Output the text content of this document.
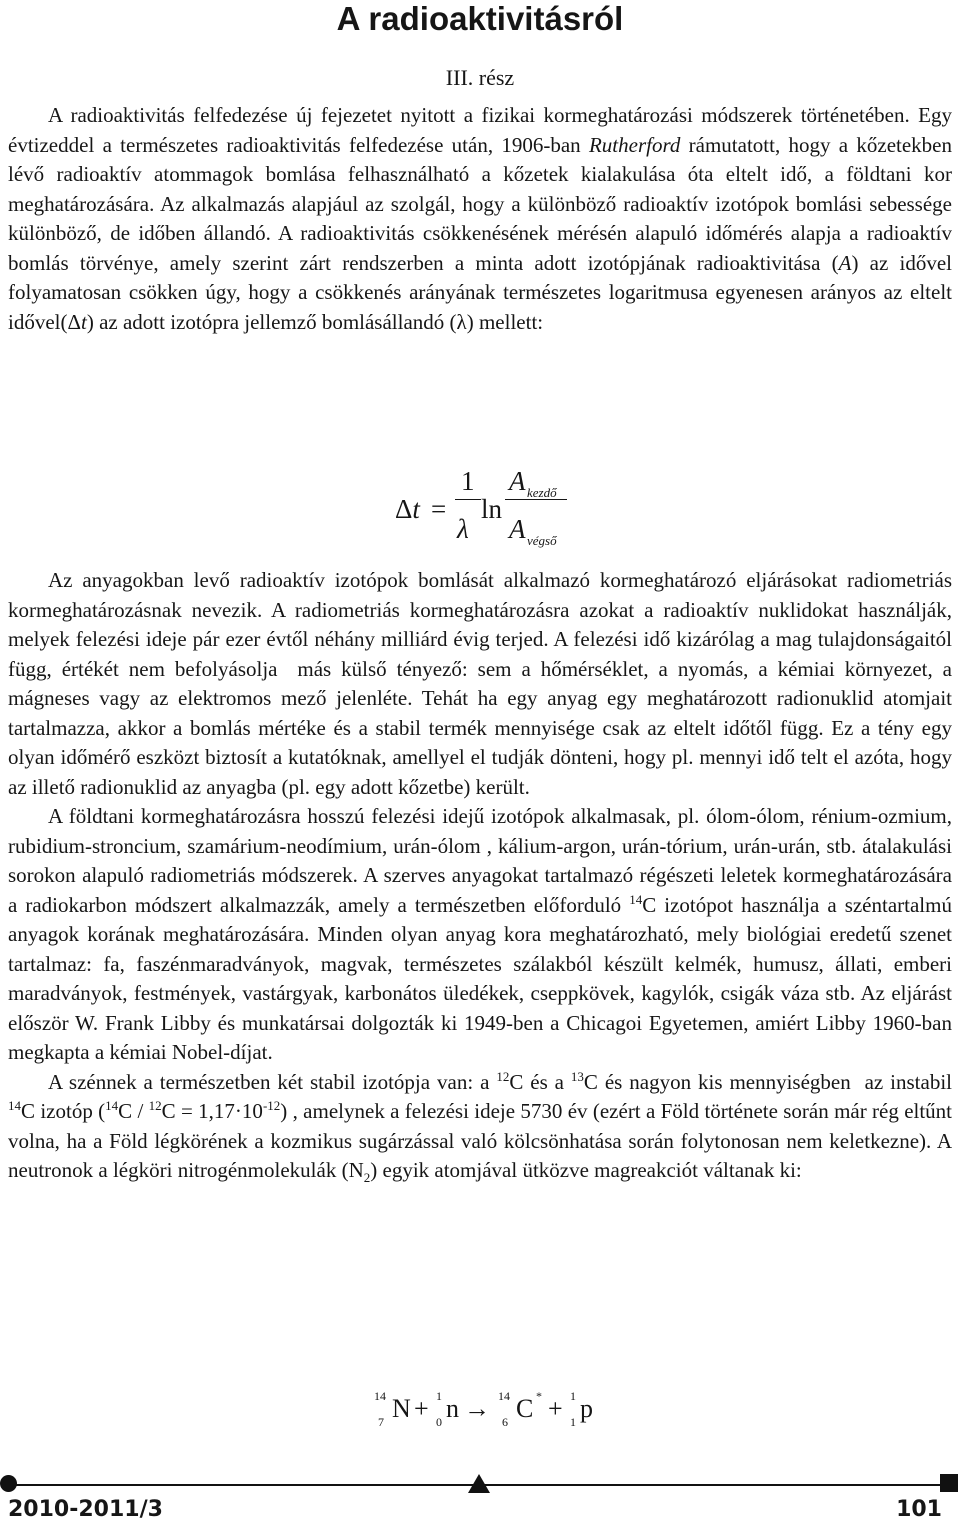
A radioaktivitásról
III. rész

A radioaktivitás felfedezése új fejezetet nyitott a fizikai kormeghatározási módszerek történetében. Egy évtizeddel a természetes radioaktivitás felfedezése után, 1906-ban Rutherford rámutatott, hogy a kőzetekben lévő radioaktív atommagok bomlása felhasználható a kőzetek kialakulása óta eltelt idő, a földtani kor meghatározására. Az alkalmazás alapjául az szolgál, hogy a különböző radioaktív izotópok bomlási sebessége különböző, de időben állandó. A radioaktivitás csökkenésének mérésén alapuló időmérés alapja a radioaktív bomlás törvénye, amely szerint zárt rendszerben a minta adott izotópjának radioaktivitása (A) az idővel folyamatosan csökken úgy, hogy a csökkenés arányának természetes logaritmusa egyenesen arányos az eltelt idővel(Δt) az adott izotópra jellemző bomlásállandó (λ) mellett:

Δt =
1
λ
ln
A kezdő
A végső

Az anyagokban levő radioaktív izotópok bomlását alkalmazó kormeghatározó eljárásokat radiometriás kormeghatározásnak nevezik. A radiometriás kormeghatározásra azokat a radioaktív nuklidokat használják, melyek felezési ideje pár ezer évtől néhány milliárd évig terjed. A felezési idő kizárólag a mag tulajdonságaitól függ, értékét nem befolyásolja  más külső tényező: sem a hőmérséklet, a nyomás, a kémiai környezet, a mágneses vagy az elektromos mező jelenléte. Tehát ha egy anyag egy meghatározott radionuklid atomjait tartalmazza, akkor a bomlás mértéke és a stabil termék mennyisége csak az eltelt időtől függ. Ez a tény egy olyan időmérő eszközt biztosít a kutatóknak, amellyel el tudják dönteni, hogy pl. mennyi idő telt el azóta, hogy az illető radionuklid az anyagba (pl. egy adott kőzetbe) került.

A földtani kormeghatározásra hosszú felezési idejű izotópok alkalmasak, pl. ólom-ólom, rénium-ozmium, rubidium-stroncium, szamárium-neodímium, urán-ólom , kálium-argon, urán-tórium, urán-urán, stb. átalakulási sorokon alapuló radiometriás módszerek. A szerves anyagokat tartalmazó régészeti leletek kormeghatározására a radiokarbon módszert alkalmazzák, amely a természetben előforduló $^{14}$C izotópot használja a széntartalmú anyagok korának meghatározására. Minden olyan anyag kora meghatározható, mely biológiai eredetű szenet tartalmaz: fa, faszénmaradványok, magvak, természetes szálakból készült kelmék, humusz, állati, emberi maradványok, festmények, vastárgyak, karbonátos üledékek, cseppkövek, kagylók, csigák váza stb. Az eljárást először W. Frank Libby és munkatársai dolgozták ki 1949-ben a Chicagoi Egyetemen, amiért Libby 1960-ban megkapta a kémiai Nobel-díjat.

A szénnek a természetben két stabil izotópja van: a $^{12}$C és a $^{13}$C és nagyon kis mennyiségben  az instabil $^{14}$C izotóp $(^{14}C / ^{12}C = 1,17\cdot 10^{-12})$ , amelynek a felezési ideje 5730 év (ezért a Föld története során már rég eltűnt volna, ha a Föld légkörének a kozmikus sugárzással való kölcsönhatása során folytonosan nem keletkezne). A neutronok a légköri nitrogénmolekulák $(N_2)$ egyik atomjával ütközve magreakciót váltanak ki:

14
7 N + 1
0 n → 14
6 C * + 1
1 p
2010-2011/3	101
